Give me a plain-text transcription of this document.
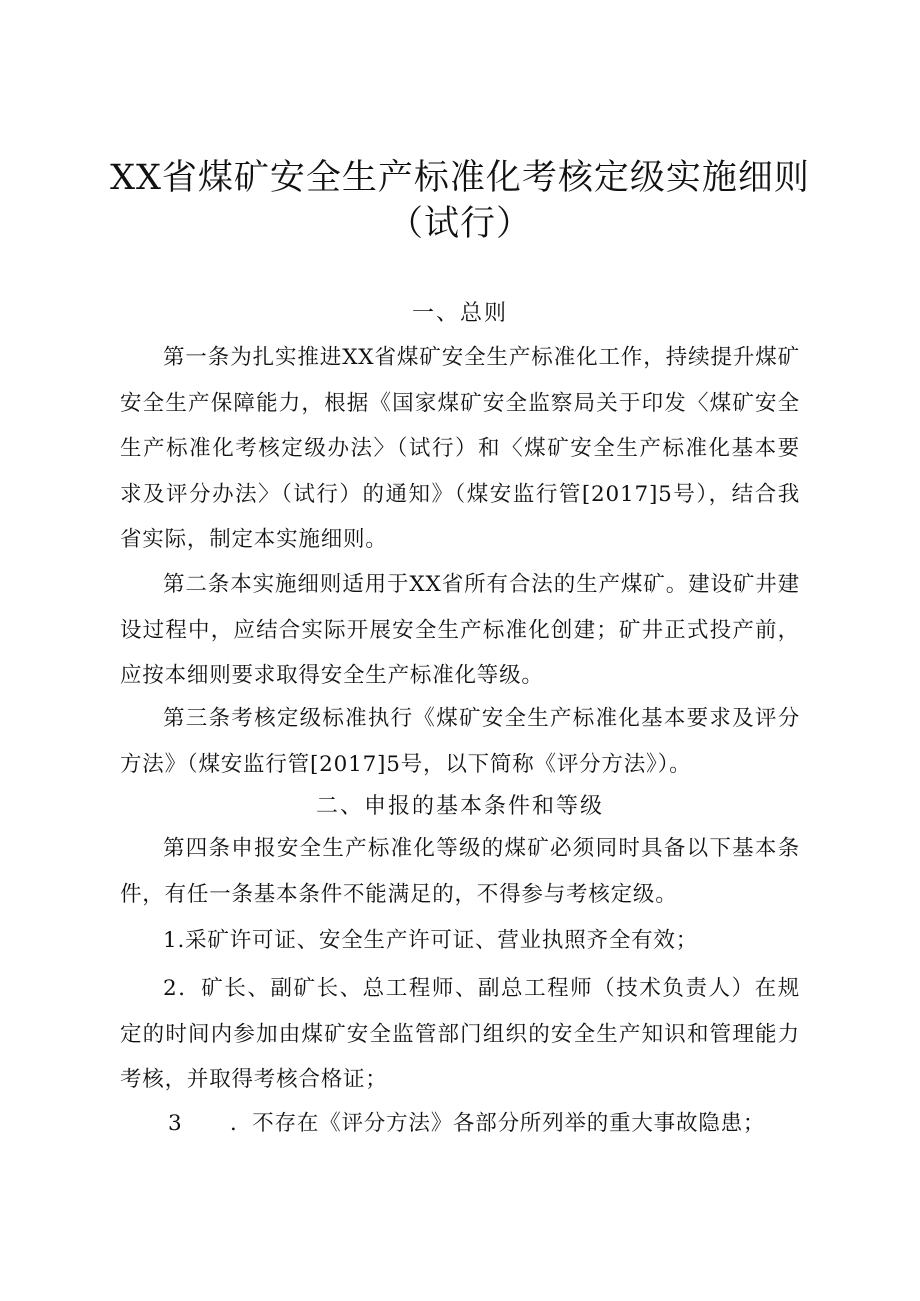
XX省煤矿安全生产标准化考核定级实施细则
（试行）
一、总则
第一条为扎实推进XX省煤矿安全生产标准化工作，持续提升煤矿安全生产保障能力，根据《国家煤矿安全监察局关于印发〈煤矿安全生产标准化考核定级办法〉（试行）和〈煤矿安全生产标准化基本要求及评分办法〉（试行）的通知》（煤安监行管[2017]5号），结合我省实际，制定本实施细则。
第二条本实施细则适用于XX省所有合法的生产煤矿。建设矿井建设过程中，应结合实际开展安全生产标准化创建；矿井正式投产前，应按本细则要求取得安全生产标准化等级。
第三条考核定级标准执行《煤矿安全生产标准化基本要求及评分方法》（煤安监行管[2017]5号，以下简称《评分方法》）。
二、申报的基本条件和等级
第四条申报安全生产标准化等级的煤矿必须同时具备以下基本条件，有任一条基本条件不能满足的，不得参与考核定级。
1.采矿许可证、安全生产许可证、营业执照齐全有效；
2．矿长、副矿长、总工程师、副总工程师（技术负责人）在规定的时间内参加由煤矿安全监管部门组织的安全生产知识和管理能力考核，并取得考核合格证；
3 ．不存在《评分方法》各部分所列举的重大事故隐患；
